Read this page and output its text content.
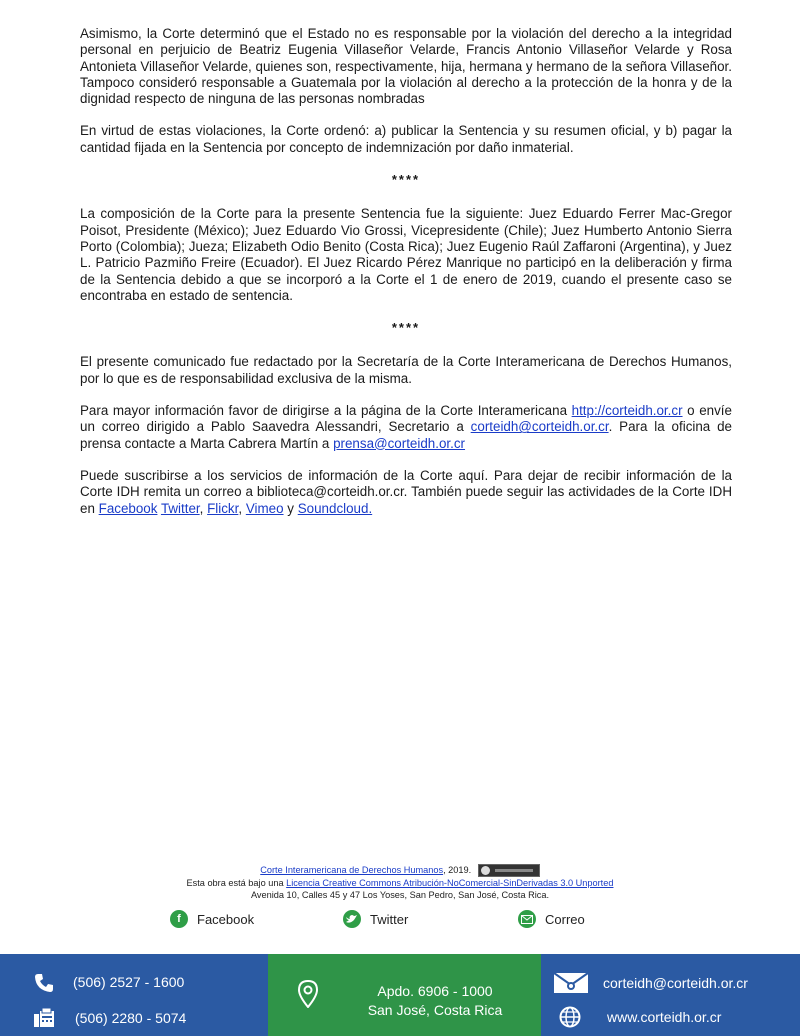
Asimismo, la Corte determinó que el Estado no es responsable por la violación del derecho a la integridad personal en perjuicio de Beatriz Eugenia Villaseñor Velarde, Francis Antonio Villaseñor Velarde y Rosa Antonieta Villaseñor Velarde, quienes son, respectivamente, hija, hermana y hermano de la señora Villaseñor. Tampoco consideró responsable a Guatemala por la violación al derecho a la protección de la honra y de la dignidad respecto de ninguna de las personas nombradas

En virtud de estas violaciones, la Corte ordenó: a) publicar la Sentencia y su resumen oficial, y b) pagar la cantidad fijada en la Sentencia por concepto de indemnización por daño inmaterial.

****

La composición de la Corte para la presente Sentencia fue la siguiente: Juez Eduardo Ferrer Mac-Gregor Poisot, Presidente (México); Juez Eduardo Vio Grossi, Vicepresidente (Chile); Juez Humberto Antonio Sierra Porto (Colombia); Jueza; Elizabeth Odio Benito (Costa Rica); Juez Eugenio Raúl Zaffaroni (Argentina), y Juez L. Patricio Pazmiño Freire (Ecuador). El Juez Ricardo Pérez Manrique no participó en la deliberación y firma de la Sentencia debido a que se incorporó a la Corte el 1 de enero de 2019, cuando el presente caso se encontraba en estado de sentencia.

****

El presente comunicado fue redactado por la Secretaría de la Corte Interamericana de Derechos Humanos, por lo que es de responsabilidad exclusiva de la misma.

Para mayor información favor de dirigirse a la página de la Corte Interamericana http://corteidh.or.cr o envíe un correo dirigido a Pablo Saavedra Alessandri, Secretario a corteidh@corteidh.or.cr. Para la oficina de prensa contacte a Marta Cabrera Martín a prensa@corteidh.or.cr

Puede suscribirse a los servicios de información de la Corte aquí. Para dejar de recibir información de la Corte IDH remita un correo a biblioteca@corteidh.or.cr. También puede seguir las actividades de la Corte IDH en Facebook Twitter, Flickr, Vimeo y Soundcloud.

Corte Interamericana de Derechos Humanos, 2019.
Esta obra está bajo una Licencia Creative Commons Atribución-NoComercial-SinDerivadas 3.0 Unported
Avenida 10, Calles 45 y 47 Los Yoses, San Pedro, San José, Costa Rica.
f	Facebook	Twitter	Correo
(506) 2527 - 1600
(506) 2280 - 5074
Apdo. 6906 - 1000
San José, Costa Rica
corteidh@corteidh.or.cr
www.corteidh.or.cr
